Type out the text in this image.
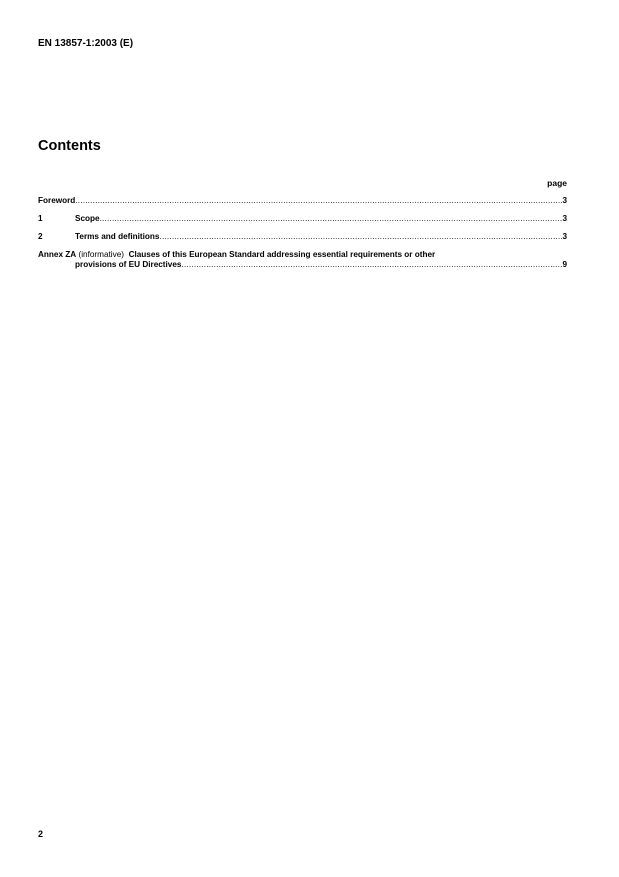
EN 13857-1:2003 (E)
Contents
page
Foreword .....	3
1	Scope .....	3
2	Terms and definitions .....	3
Annex ZA (informative) Clauses of this European Standard addressing essential requirements or other
provisions of EU Directives .....	9
2
